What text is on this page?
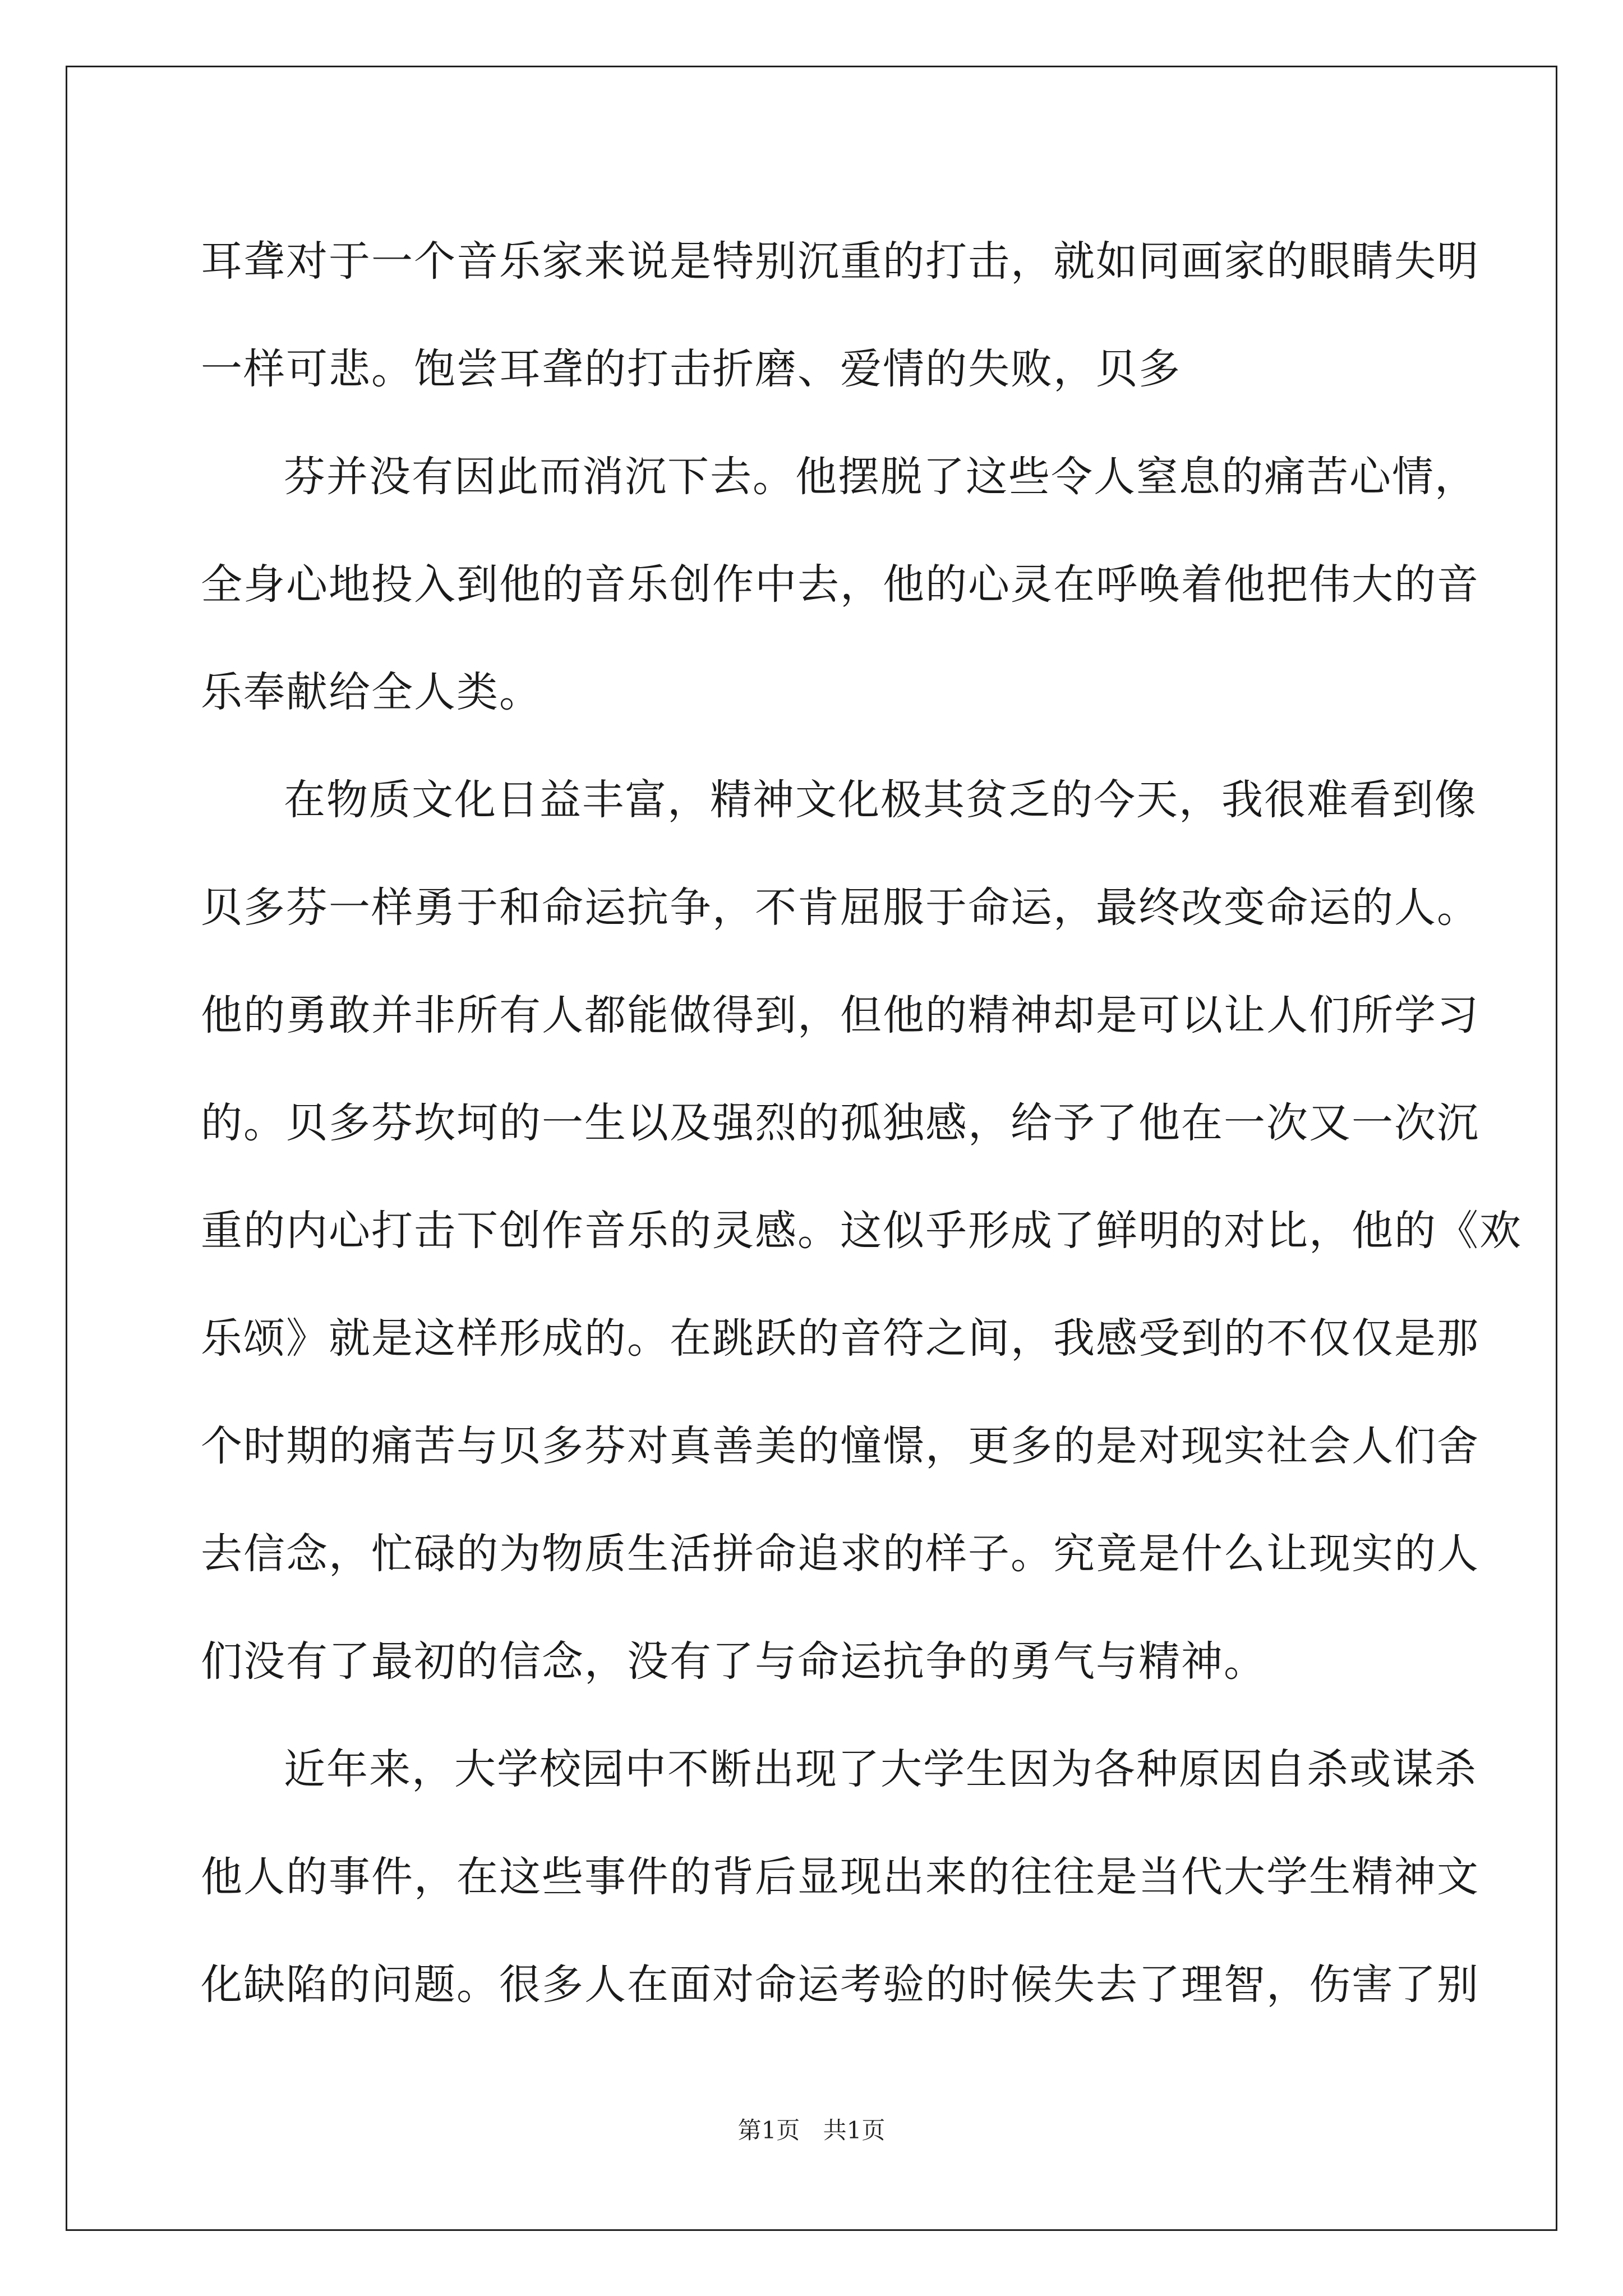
耳聋对于一个音乐家来说是特别沉重的打击，就如同画家的眼睛失明
一样可悲。饱尝耳聋的打击折磨、爱情的失败，贝多
芬并没有因此而消沉下去。他摆脱了这些令人窒息的痛苦心情，
全身心地投入到他的音乐创作中去，他的心灵在呼唤着他把伟大的音
乐奉献给全人类。
在物质文化日益丰富，精神文化极其贫乏的今天，我很难看到像
贝多芬一样勇于和命运抗争，不肯屈服于命运，最终改变命运的人。
他的勇敢并非所有人都能做得到，但他的精神却是可以让人们所学习
的。贝多芬坎坷的一生以及强烈的孤独感，给予了他在一次又一次沉
重的内心打击下创作音乐的灵感。这似乎形成了鲜明的对比，他的《欢
乐颂》就是这样形成的。在跳跃的音符之间，我感受到的不仅仅是那
个时期的痛苦与贝多芬对真善美的憧憬，更多的是对现实社会人们舍
去信念，忙碌的为物质生活拼命追求的样子。究竟是什么让现实的人
们没有了最初的信念，没有了与命运抗争的勇气与精神。
近年来，大学校园中不断出现了大学生因为各种原因自杀或谋杀
他人的事件，在这些事件的背后显现出来的往往是当代大学生精神文
化缺陷的问题。很多人在面对命运考验的时候失去了理智，伤害了别
第1页 共1页
